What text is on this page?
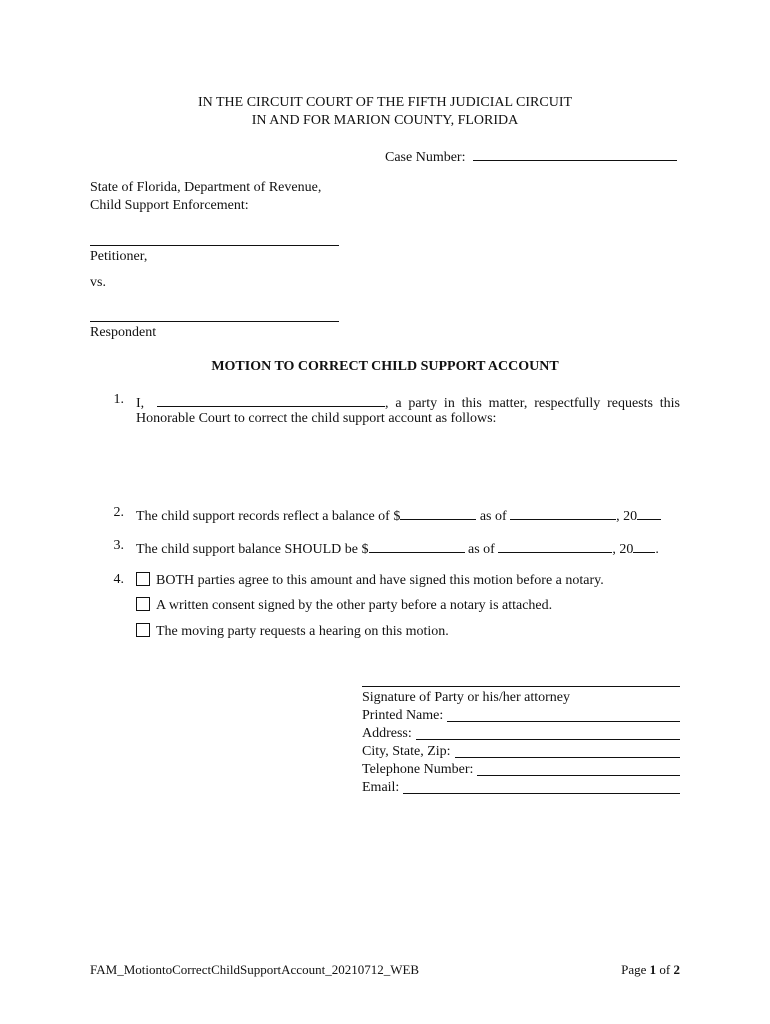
IN THE CIRCUIT COURT OF THE FIFTH JUDICIAL CIRCUIT
IN AND FOR MARION COUNTY, FLORIDA
Case Number:
State of Florida, Department of Revenue,
Child Support Enforcement:
Petitioner,
vs.
Respondent
MOTION TO CORRECT CHILD SUPPORT ACCOUNT
1. I,	, a party in this matter, respectfully requests this
Honorable Court to correct the child support account as follows:
2. The child support records reflect a balance of $	as of	, 20
3. The child support balance SHOULD be $	as of	, 20 .
4.	BOTH parties agree to this amount and have signed this motion before a notary.
A written consent signed by the other party before a notary is attached.
The moving party requests a hearing on this motion.
Signature of Party or his/her attorney
Printed Name:
Address:
City, State, Zip:
Telephone Number:
Email:
FAM_MotiontoCorrectChildSupportAccount_20210712_WEB	Page 1 of 2
